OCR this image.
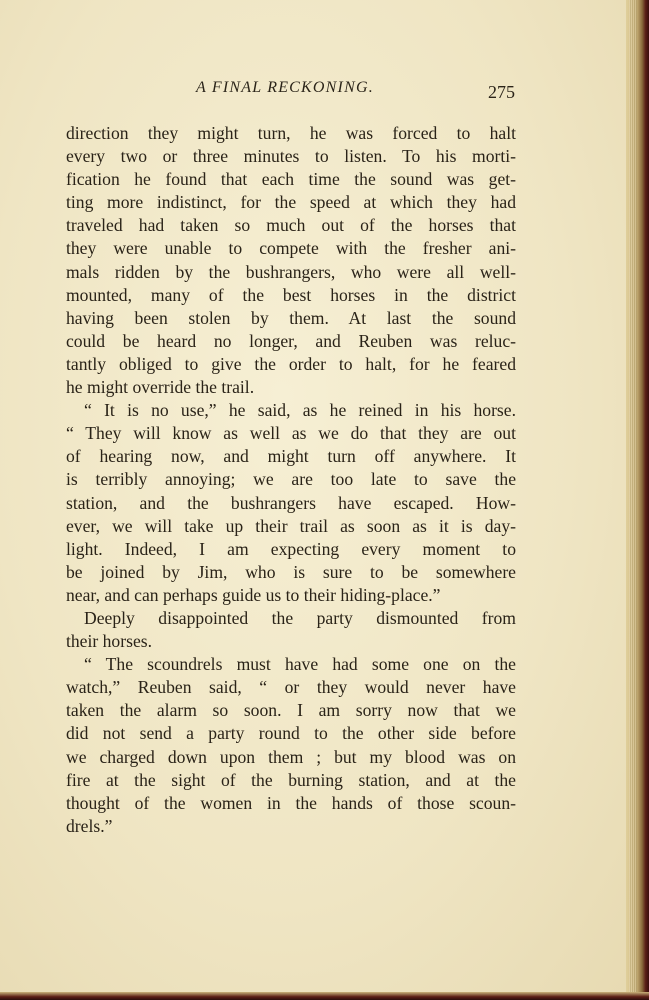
A FINAL RECKONING.	275
direction they might turn, he was forced to halt
every two or three minutes to listen. To his morti-
fication he found that each time the sound was get-
ting more indistinct, for the speed at which they had
traveled had taken so much out of the horses that
they were unable to compete with the fresher ani-
mals ridden by the bushrangers, who were all well-
mounted, many of the best horses in the district
having been stolen by them. At last the sound
could be heard no longer, and Reuben was reluc-
tantly obliged to give the order to halt, for he feared
he might override the trail.
“ It is no use,” he said, as he reined in his horse.
“ They will know as well as we do that they are out
of hearing now, and might turn off anywhere. It
is terribly annoying; we are too late to save the
station, and the bushrangers have escaped. How-
ever, we will take up their trail as soon as it is day-
light. Indeed, I am expecting every moment to
be joined by Jim, who is sure to be somewhere
near, and can perhaps guide us to their hiding-place.”
Deeply disappointed the party dismounted from
their horses.
“ The scoundrels must have had some one on the
watch,” Reuben said, “ or they would never have
taken the alarm so soon. I am sorry now that we
did not send a party round to the other side before
we charged down upon them ; but my blood was on
fire at the sight of the burning station, and at the
thought of the women in the hands of those scoun-
drels.”
